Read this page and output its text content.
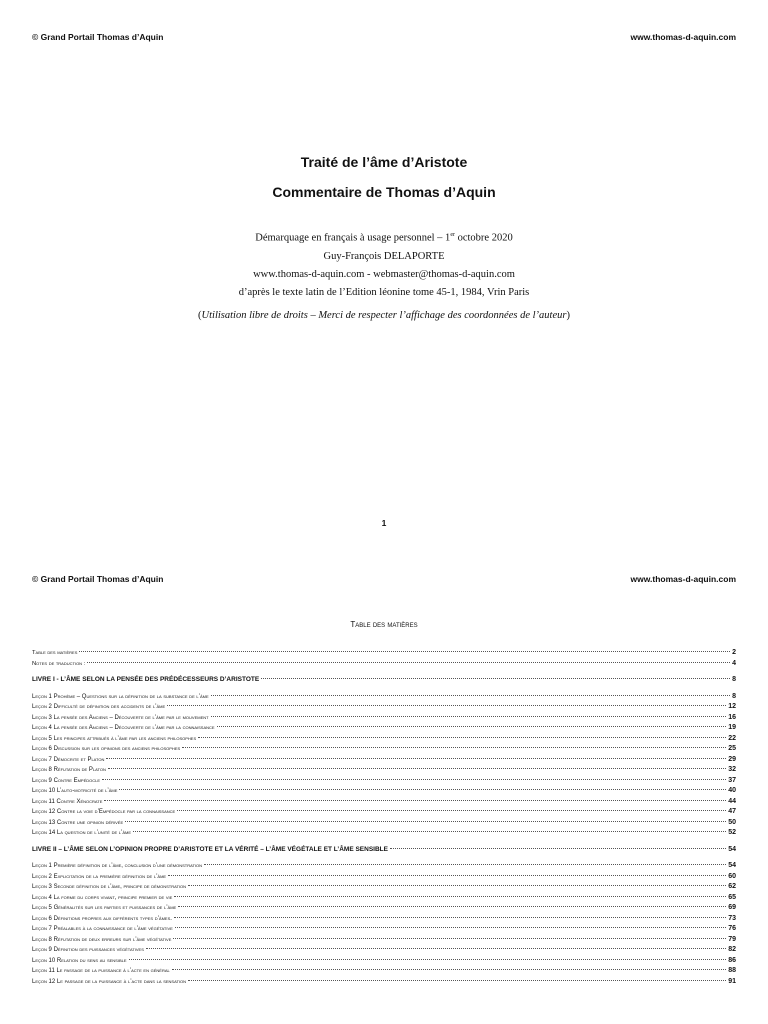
© Grand Portail Thomas d’Aquin	www.thomas-d-aquin.com
Traité de l’âme d’Aristote
Commentaire de Thomas d’Aquin
Démarquage en français à usage personnel – 1er octobre 2020
Guy-François DELAPORTE
www.thomas-d-aquin.com - webmaster@thomas-d-aquin.com
d’après le texte latin de l’Edition léonine tome 45-1, 1984, Vrin Paris
(Utilisation libre de droits – Merci de respecter l’affichage des coordonnées de l’auteur)
1
© Grand Portail Thomas d’Aquin	www.thomas-d-aquin.com
Table des matières
Table des matières	2
Notes de traduction :	4
LIVRE I - L’ÂME SELON LA PENSÉE DES PRÉDÉCESSEURS D’ARISTOTE	8
Leçon 1 Prohème – Questions sur la définition de la substance de l’âme	8
Leçon 2 Difficulté de définition des accidents de l’âme	12
Leçon 3 La pensée des Anciens – Découverte de l’âme par le mouvement	16
Leçon 4 La pensée des Anciens – Découverte de l’âme par la connaissance	19
Leçon 5 Les principes attribués à l’âme par les anciens philosophes	22
Leçon 6 Discussion sur les opinions des anciens philosophes	25
Leçon 7 Démocrite et Platon	29
Leçon 8 Réfutation de Platon	32
Leçon 9 Contre Empédocle	37
Leçon 10 L’auto-motricité de l’âme	40
Leçon 11 Contre Xénocrate	44
Leçon 12 Contre la voie d’Empédocle par la connaissance	47
Leçon 13 Contre une opinion dérivée	50
Leçon 14 La question de l’unité de l’âme	52
LIVRE II – L’ÂME SELON L’OPINION PROPRE D’ARISTOTE ET LA VÉRITÉ – L’ÂME VÉGÉTALE ET L’ÂME SENSIBLE	54
Leçon 1 Première définition de l’âme, conclusion d’une démonstration	54
Leçon 2 Explicitation de la première définition de l’âme	60
Leçon 3 Seconde définition de l’âme, principe de démonstration	62
Leçon 4 La forme du corps vivant, principe premier de vie	65
Leçon 5 Généralités sur les parties et puissances de l’âme	69
Leçon 6 Définitions propres aux différents types d’âmes.	73
Leçon 7 Préalables à la connaissance de l’âme végétative	76
Leçon 8 Réfutation de deux erreurs sur l’âme végétative	79
Leçon 9 Définition des puissances végétatives	82
Leçon 10 Relation du sens au sensible	86
Leçon 11 Le passage de la puissance à l’acte en général	88
Leçon 12 Le passage de la puissance à l’acte dans la sensation	91
